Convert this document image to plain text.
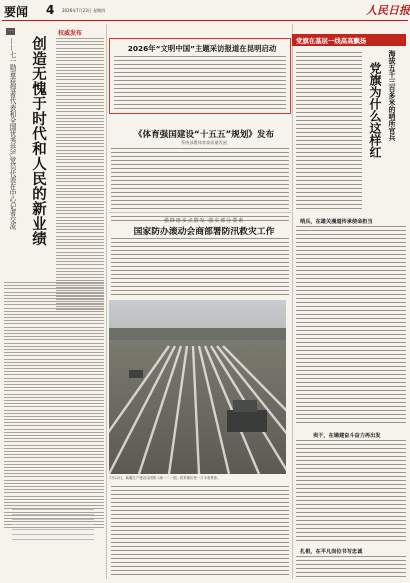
要闻 4 2026年7月23日 星期四	人民日报
一	权威发布
创造无愧于时代和人民的新业绩
——七一勋章获得者代表和全国优秀共产党员代表在中心记者交流	2026年“文明中国”主题采访报道在昆明启动
《体育强国建设“十五五”规划》发布
系统部署体育高质量发展
强降雨多点散发 落实部分要素
国家防办滚动会商部署防汛救灾工作
7月22日，新疆生产建设兵团第八师一二一团，机采棉田里一片丰收景象。
党旗在基层一线高高飘扬
海拔五千三百多米的哨所官兵
党旗为什么这样红
哨兵，在雄关漫道传承使命担当
卖干，在墙建奋斗奋力再出发
扎根，在平凡岗位书写忠诚
